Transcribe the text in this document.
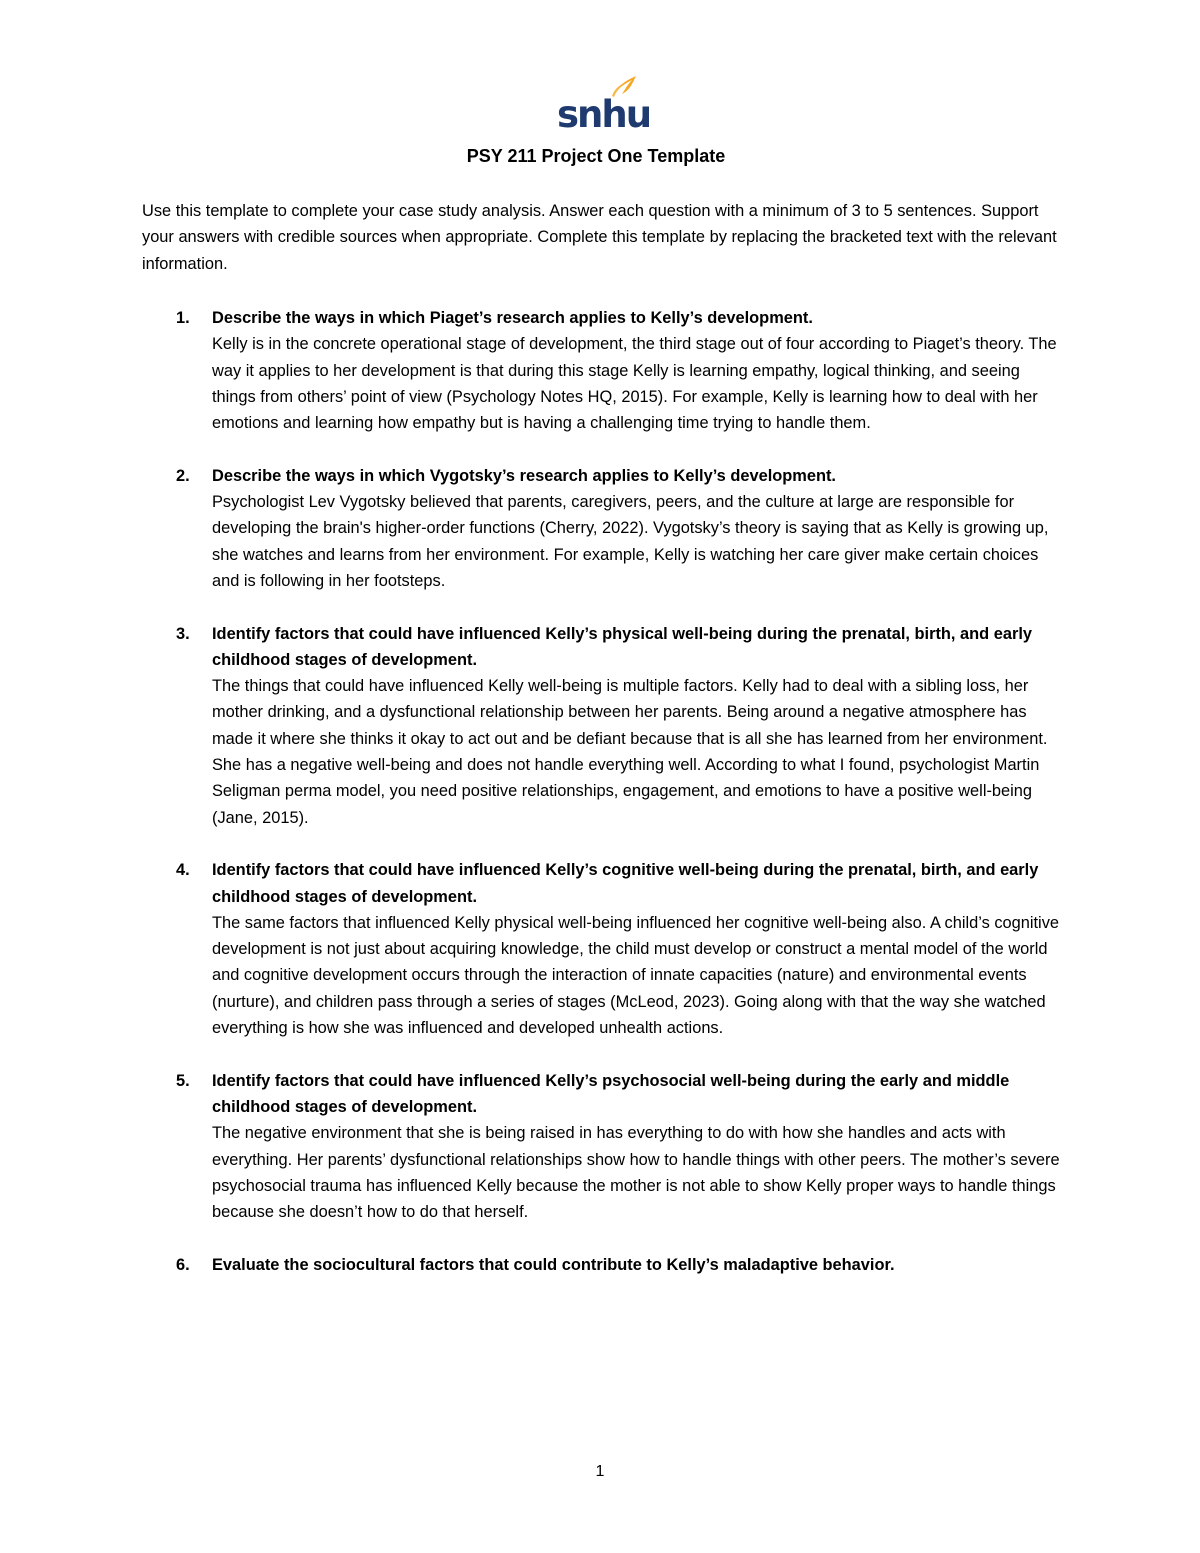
snhu
PSY 211 Project One Template

Use this template to complete your case study analysis. Answer each question with a minimum of 3 to 5 sentences. Support your answers with credible sources when appropriate. Complete this template by replacing the bracketed text with the relevant information.

1. Describe the ways in which Piaget’s research applies to Kelly’s development.
Kelly is in the concrete operational stage of development, the third stage out of four according to Piaget’s theory. The way it applies to her development is that during this stage Kelly is learning empathy, logical thinking, and seeing things from others’ point of view (Psychology Notes HQ, 2015). For example, Kelly is learning how to deal with her emotions and learning how empathy but is having a challenging time trying to handle them.
2. Describe the ways in which Vygotsky’s research applies to Kelly’s development.
Psychologist Lev Vygotsky believed that parents, caregivers, peers, and the culture at large are responsible for developing the brain's higher-order functions (Cherry, 2022). Vygotsky’s theory is saying that as Kelly is growing up, she watches and learns from her environment. For example, Kelly is watching her care giver make certain choices and is following in her footsteps.
3. Identify factors that could have influenced Kelly’s physical well-being during the prenatal, birth, and early childhood stages of development.
The things that could have influenced Kelly well-being is multiple factors. Kelly had to deal with a sibling loss, her mother drinking, and a dysfunctional relationship between her parents. Being around a negative atmosphere has made it where she thinks it okay to act out and be defiant because that is all she has learned from her environment. She has a negative well-being and does not handle everything well. According to what I found, psychologist Martin Seligman perma model, you need positive relationships, engagement, and emotions to have a positive well-being (Jane, 2015).
4. Identify factors that could have influenced Kelly’s cognitive well-being during the prenatal, birth, and early childhood stages of development.
The same factors that influenced Kelly physical well-being influenced her cognitive well-being also. A child’s cognitive development is not just about acquiring knowledge, the child must develop or construct a mental model of the world and cognitive development occurs through the interaction of innate capacities (nature) and environmental events (nurture), and children pass through a series of stages (McLeod, 2023). Going along with that the way she watched everything is how she was influenced and developed unhealth actions.
5. Identify factors that could have influenced Kelly’s psychosocial well-being during the early and middle childhood stages of development.
The negative environment that she is being raised in has everything to do with how she handles and acts with everything. Her parents’ dysfunctional relationships show how to handle things with other peers. The mother’s severe psychosocial trauma has influenced Kelly because the mother is not able to show Kelly proper ways to handle things because she doesn’t how to do that herself.
6. Evaluate the sociocultural factors that could contribute to Kelly’s maladaptive behavior.
1
